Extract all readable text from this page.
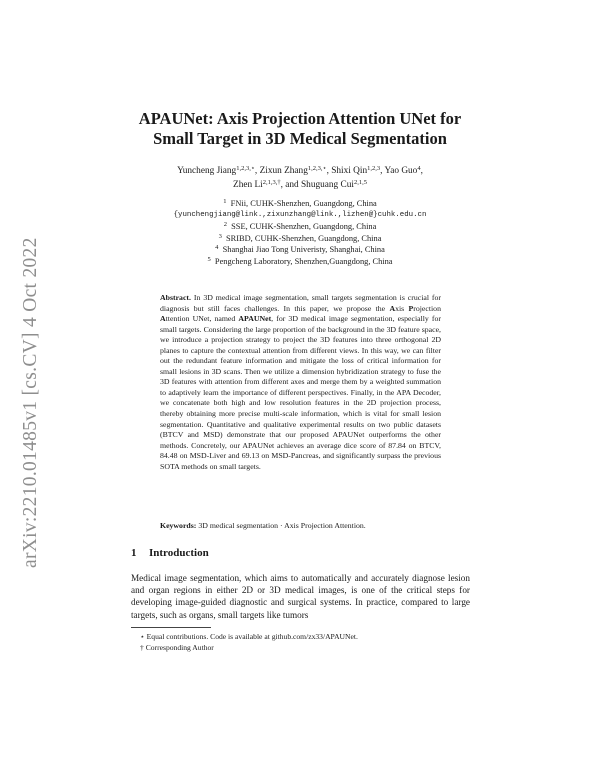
arXiv:2210.01485v1 [cs.CV] 4 Oct 2022
APAUNet: Axis Projection Attention UNet for
Small Target in 3D Medical Segmentation
Yuncheng Jiang$^{1,2,3,⋆}$, Zixun Zhang$^{1,2,3,⋆}$, Shixi Qin$^{1,2,3}$, Yao Guo$^4$,
Zhen $Li^{2,1,3,\dagger}$, and Shuguang Cui$^{2,1,5}$
$^1$ FNii, CUHK-Shenzhen, Guangdong, China
{yunchengjiang@link.,zixunzhang@link.,lizhen@}cuhk.edu.cn
$^2$ SSE, CUHK-Shenzhen, Guangdong, China
$^3$ SRIBD, CUHK-Shenzhen, Guangdong, China
$^4$ Shanghai Jiao Tong Univeristy, Shanghai, China
$^5$ Pengcheng Laboratory, Shenzhen,Guangdong, China
Abstract. In 3D medical image segmentation, small targets segmentation is crucial for diagnosis but still faces challenges. In this paper, we propose the Axis Projection Attention UNet, named APAUNet, for 3D medical image segmentation, especially for small targets. Considering the large proportion of the background in the 3D feature space, we introduce a projection strategy to project the 3D features into three orthogonal 2D planes to capture the contextual attention from different views. In this way, we can filter out the redundant feature information and mitigate the loss of critical information for small lesions in 3D scans. Then we utilize a dimension hybridization strategy to fuse the 3D features with attention from different axes and merge them by a weighted summation to adaptively learn the importance of different perspectives. Finally, in the APA Decoder, we concatenate both high and low resolution features in the 2D projection process, thereby obtaining more precise multi-scale information, which is vital for small lesion segmentation. Quantitative and qualitative experimental results on two public datasets (BTCV and MSD) demonstrate that our proposed APAUNet outperforms the other methods. Concretely, our APAUNet achieves an average dice score of 87.84 on BTCV, 84.48 on MSD-Liver and 69.13 on MSD-Pancreas, and significantly surpass the previous SOTA methods on small targets.
Keywords: 3D medical segmentation · Axis Projection Attention.
1 Introduction
Medical image segmentation, which aims to automatically and accurately diagnose lesion and organ regions in either 2D or 3D medical images, is one of the critical steps for developing image-guided diagnostic and surgical systems. In practice, compared to large targets, such as organs, small targets like tumors
⋆ Equal contributions. Code is available at github.com/zx33/APAUNet.
† Corresponding Author
